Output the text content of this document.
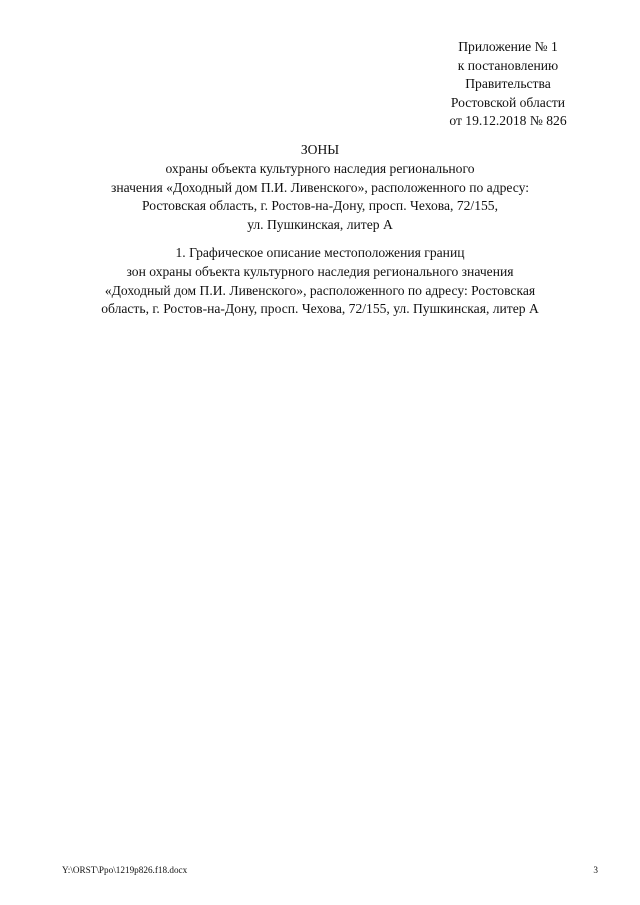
Приложение № 1
к постановлению
Правительства
Ростовской области
от 19.12.2018 № 826
ЗОНЫ
охраны объекта культурного наследия регионального
значения «Доходный дом П.И. Ливенского», расположенного по адресу:
Ростовская область, г. Ростов-на-Дону, просп. Чехова, 72/155,
ул. Пушкинская, литер А
1. Графическое описание местоположения границ
зон охраны объекта культурного наследия регионального значения
«Доходный дом П.И. Ливенского», расположенного по адресу: Ростовская
область, г. Ростов-на-Дону, просп. Чехова, 72/155, ул. Пушкинская, литер А
Y:\ORST\Ppo\1219p826.f18.docx	3
